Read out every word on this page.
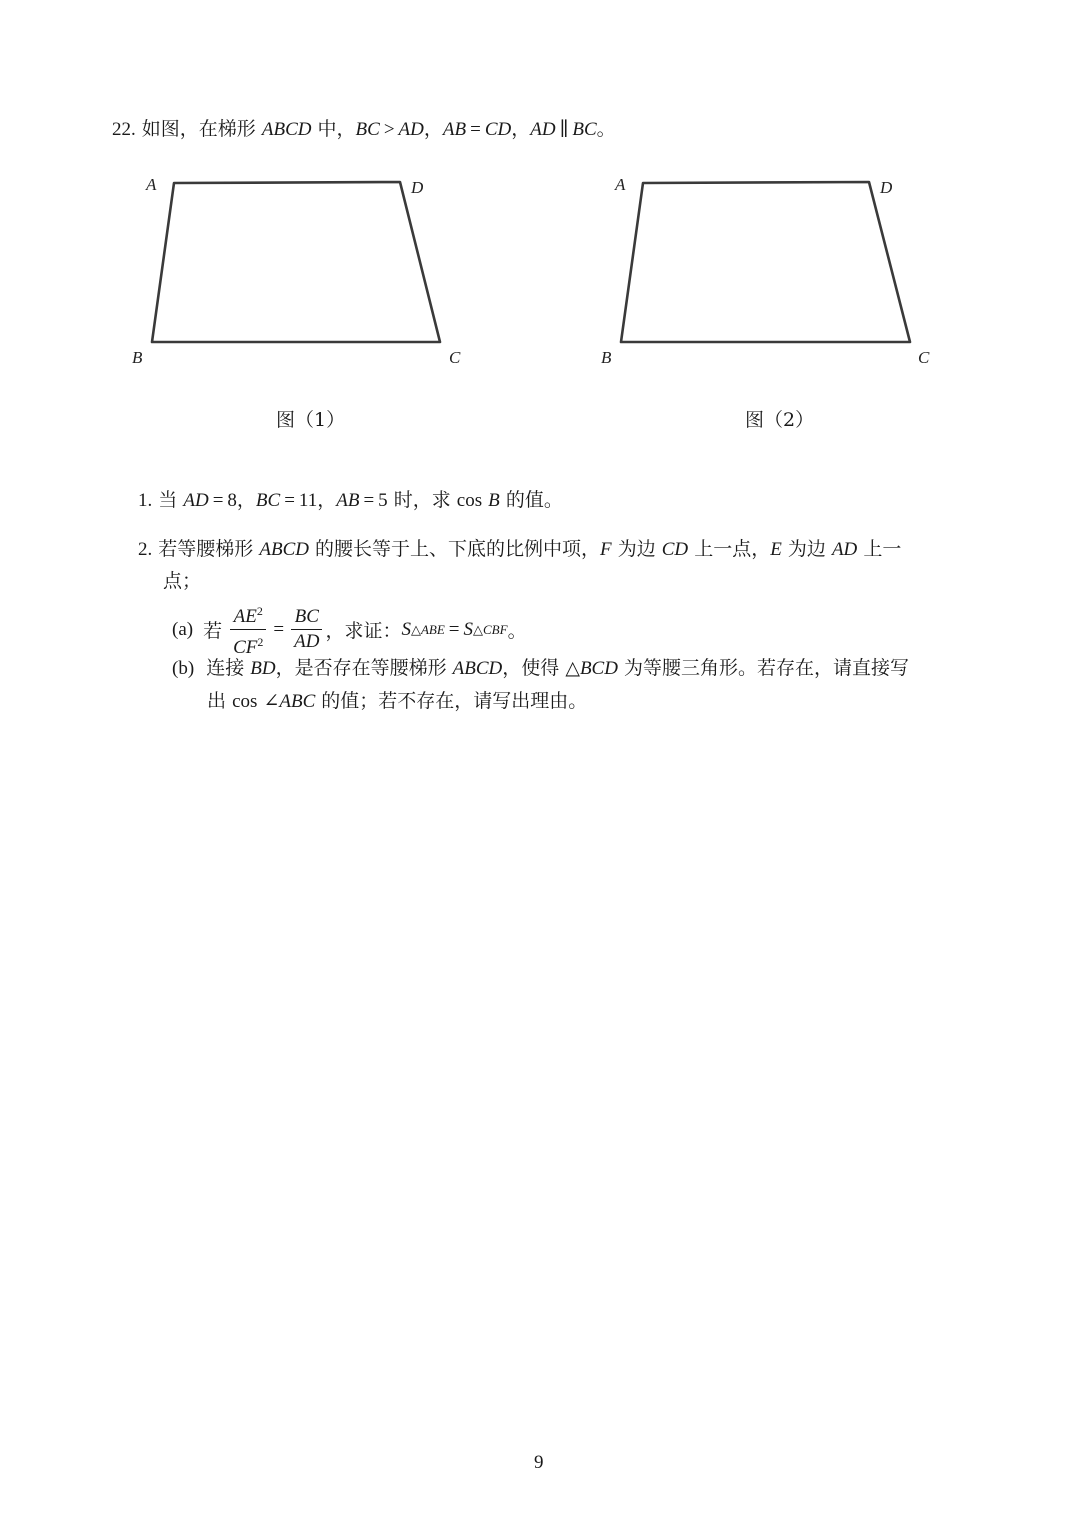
22. 如图，在梯形 ABCD 中，BC > AD，AB = CD，AD ∥ BC。
A	D
B	C
图（1）
A	D
B	C
图（2）
1. 当 AD = 8，BC = 11，AB = 5 时，求 cos B 的值。
2. 若等腰梯形 ABCD 的腰长等于上、下底的比例中项，F 为边 CD 上一点，E 为边 AD 上一
点；
(a) 若 $\frac{AE^2}{CF^2} = \frac{BC}{AD}$ ，求证： S △ABE = S △CBF 。
(b) 连接 BD，是否存在等腰梯形 ABCD，使得 △BCD 为等腰三角形。若存在，请直接写
出 cos ∠ABC 的值；若不存在，请写出理由。
9
